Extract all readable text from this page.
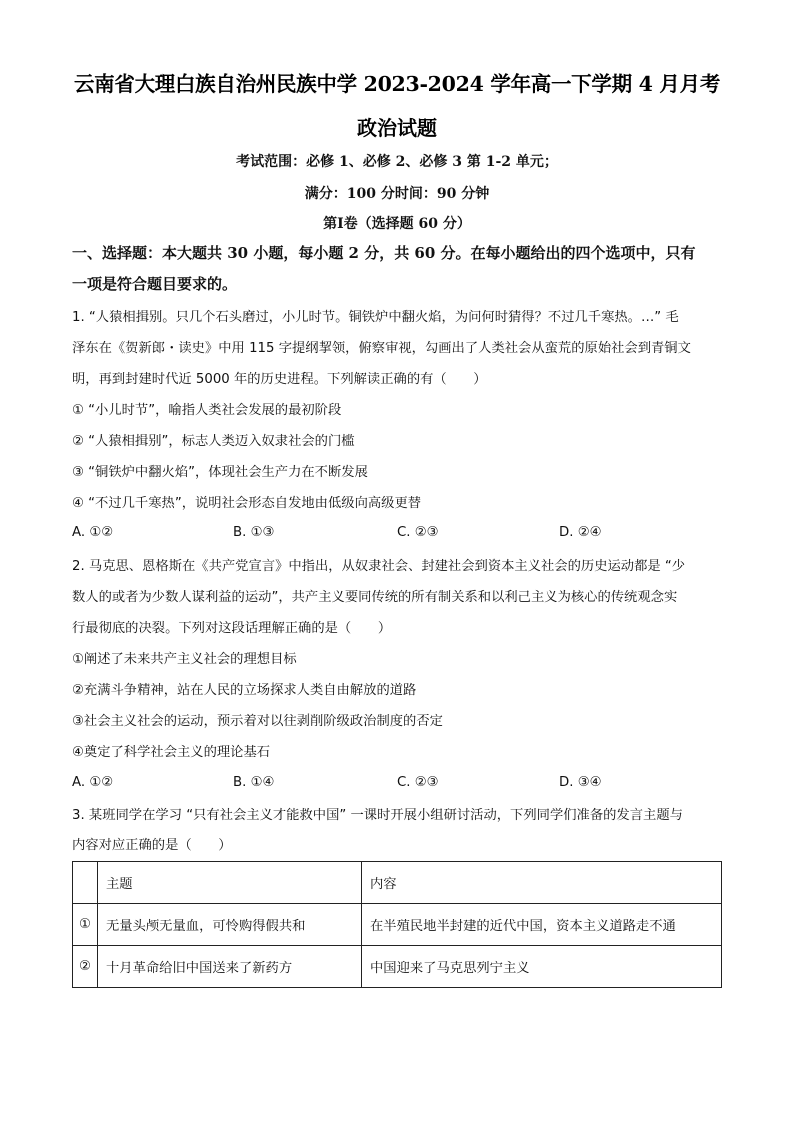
云南省大理白族自治州民族中学 2023-2024 学年高一下学期 4 月月考
政治试题
考试范围：必修 1、必修 2、必修 3 第 1-2 单元；
满分：100 分时间：90 分钟
第Ⅰ卷（选择题 60 分）
一、选择题：本大题共 30 小题，每小题 2 分，共 60 分。在每小题给出的四个选项中，只有
一项是符合题目要求的。
1. “人猿相揖别。只几个石头磨过，小儿时节。铜铁炉中翻火焰，为问何时猜得？不过几千寒热。…” 毛
泽东在《贺新郎・读史》中用 115 字提纲挈领，俯察审视，勾画出了人类社会从蛮荒的原始社会到青铜文
明，再到封建时代近 5000 年的历史进程。下列解读正确的有（　　）
① “小儿时节”，喻指人类社会发展的最初阶段
② “人猿相揖别”，标志人类迈入奴隶社会的门槛
③ “铜铁炉中翻火焰”，体现社会生产力在不断发展
④ “不过几千寒热”，说明社会形态自发地由低级向高级更替
A. ①②	B. ①③	C. ②③	D. ②④
2. 马克思、恩格斯在《共产党宣言》中指出，从奴隶社会、封建社会到资本主义社会的历史运动都是 “少
数人的或者为少数人谋利益的运动”，共产主义要同传统的所有制关系和以利己主义为核心的传统观念实
行最彻底的决裂。下列对这段话理解正确的是（　　）
①阐述了未来共产主义社会的理想目标
②充满斗争精神，站在人民的立场探求人类自由解放的道路
③社会主义社会的运动，预示着对以往剥削阶级政治制度的否定
④奠定了科学社会主义的理论基石
A. ①②	B. ①④	C. ②③	D. ③④
3. 某班同学在学习 “只有社会主义才能救中国” 一课时开展小组研讨活动，下列同学们准备的发言主题与
内容对应正确的是（　　）
	主题	内容
①	无量头颅无量血，可怜购得假共和	在半殖民地半封建的近代中国，资本主义道路走不通
②	十月革命给旧中国送来了新药方	中国迎来了马克思列宁主义
